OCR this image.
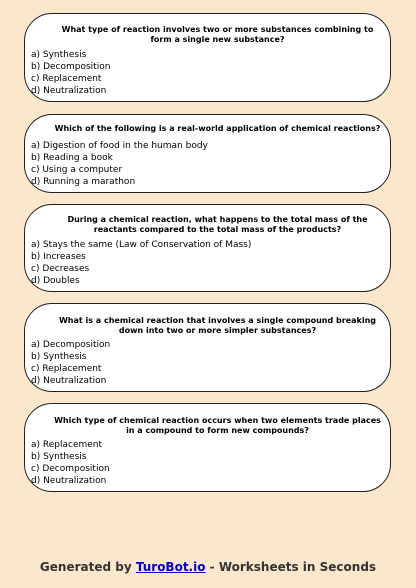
What type of reaction involves two or more substances combining to form a single new substance?
a) Synthesis
b) Decomposition
c) Replacement
d) Neutralization
Which of the following is a real-world application of chemical reactions?
a) Digestion of food in the human body
b) Reading a book
c) Using a computer
d) Running a marathon
During a chemical reaction, what happens to the total mass of the reactants compared to the total mass of the products?
a) Stays the same (Law of Conservation of Mass)
b) Increases
c) Decreases
d) Doubles
What is a chemical reaction that involves a single compound breaking down into two or more simpler substances?
a) Decomposition
b) Synthesis
c) Replacement
d) Neutralization
Which type of chemical reaction occurs when two elements trade places in a compound to form new compounds?
a) Replacement
b) Synthesis
c) Decomposition
d) Neutralization
Generated by TuroBot.io - Worksheets in Seconds
